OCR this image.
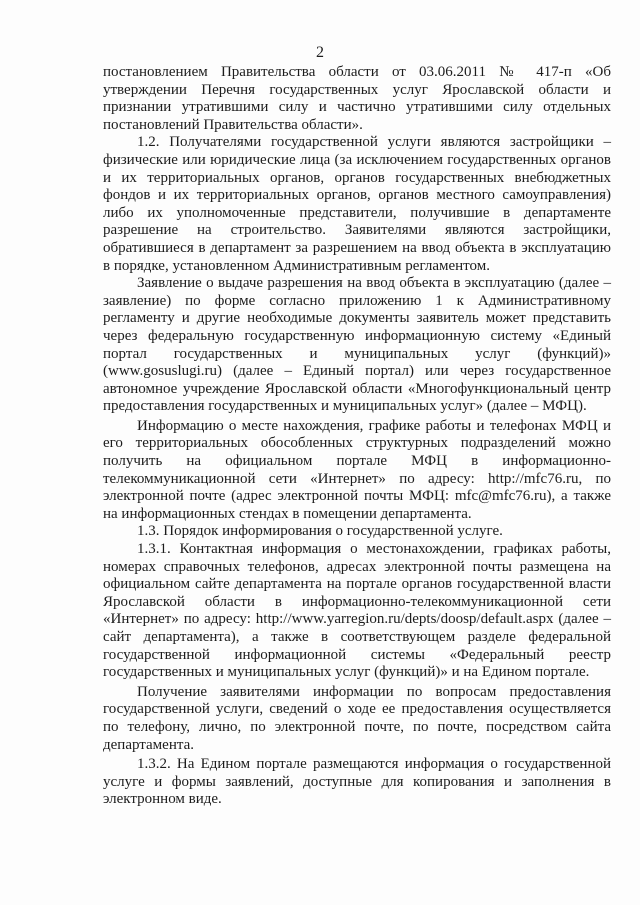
2

постановлением Правительства области от 03.06.2011 № 417-п «Об утверждении Перечня государственных услуг Ярославской области и признании утратившими силу и частично утратившими силу отдельных постановлений Правительства области».

1.2. Получателями государственной услуги являются застройщики – физические или юридические лица (за исключением государственных органов и их территориальных органов, органов государственных внебюджетных фондов и их территориальных органов, органов местного самоуправления) либо их уполномоченные представители, получившие в департаменте разрешение на строительство. Заявителями являются застройщики, обратившиеся в департамент за разрешением на ввод объекта в эксплуатацию в порядке, установленном Административным регламентом.

Заявление о выдаче разрешения на ввод объекта в эксплуатацию (далее – заявление) по форме согласно приложению 1 к Административному регламенту и другие необходимые документы заявитель может представить через федеральную государственную информационную систему «Единый портал государственных и муниципальных услуг (функций)» (www.gosuslugi.ru) (далее – Единый портал) или через государственное автономное учреждение Ярославской области «Многофункциональный центр предоставления государственных и муниципальных услуг» (далее – МФЦ).

Информацию о месте нахождения, графике работы и телефонах МФЦ и его территориальных обособленных структурных подразделений можно получить на официальном портале МФЦ в информационно-телекоммуникационной сети «Интернет» по адресу: http://mfc76.ru, по электронной почте (адрес электронной почты МФЦ: mfc@mfc76.ru), а также на информационных стендах в помещении департамента.

1.3. Порядок информирования о государственной услуге.

1.3.1. Контактная информация о местонахождении, графиках работы, номерах справочных телефонов, адресах электронной почты размещена на официальном сайте департамента на портале органов государственной власти Ярославской области в информационно-телекоммуникационной сети «Интернет» по адресу: http://www.yarregion.ru/depts/doosp/default.aspx (далее – сайт департамента), а также в соответствующем разделе федеральной государственной информационной системы «Федеральный реестр государственных и муниципальных услуг (функций)» и на Едином портале.

Получение заявителями информации по вопросам предоставления государственной услуги, сведений о ходе ее предоставления осуществляется по телефону, лично, по электронной почте, по почте, посредством сайта департамента.

1.3.2. На Едином портале размещаются информация о государственной услуге и формы заявлений, доступные для копирования и заполнения в электронном виде.
